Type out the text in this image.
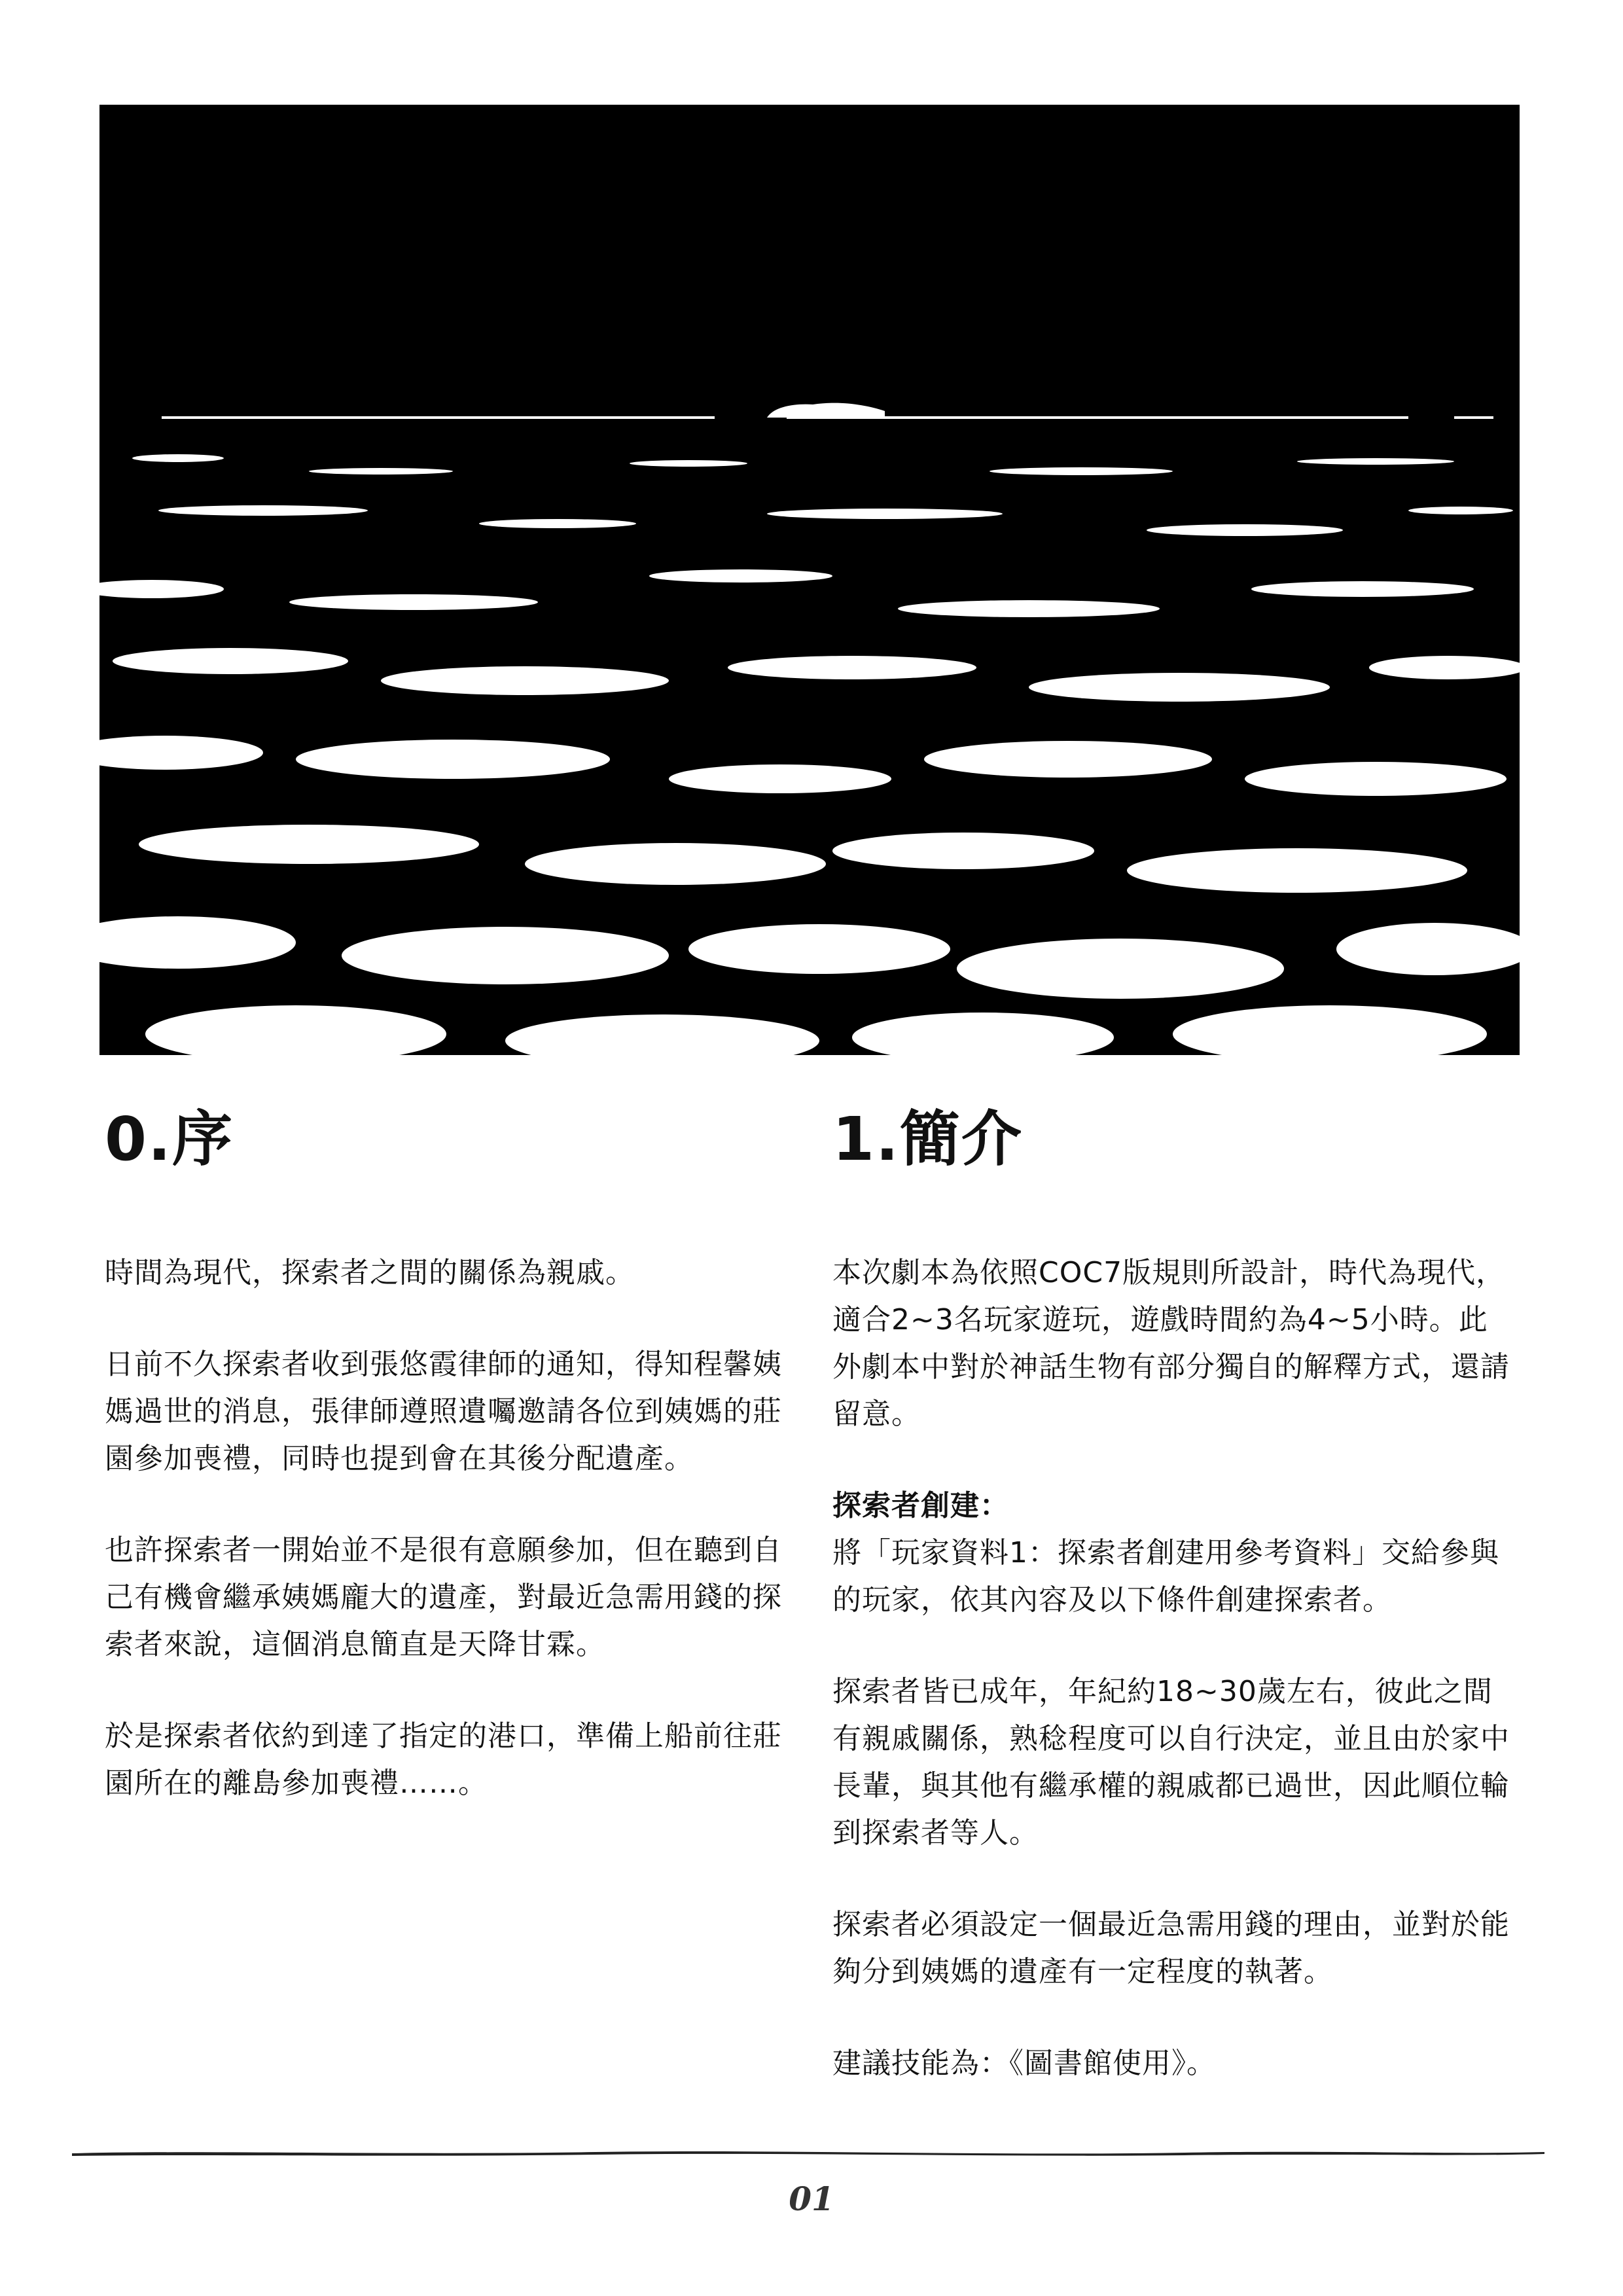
0.序

時間為現代，探索者之間的關係為親戚。

日前不久探索者收到張悠霞律師的通知，得知程馨姨媽過世的消息，張律師遵照遺囑邀請各位到姨媽的莊園參加喪禮，同時也提到會在其後分配遺產。

也許探索者一開始並不是很有意願參加，但在聽到自己有機會繼承姨媽龐大的遺產，對最近急需用錢的探索者來說，這個消息簡直是天降甘霖。

於是探索者依約到達了指定的港口，準備上船前往莊園所在的離島參加喪禮……。

1.簡介

本次劇本為依照COC7版規則所設計，時代為現代，適合2~3名玩家遊玩，遊戲時間約為4~5小時。此外劇本中對於神話生物有部分獨自的解釋方式，還請留意。

探索者創建：

將「玩家資料1：探索者創建用參考資料」交給參與的玩家，依其內容及以下條件創建探索者。

探索者皆已成年，年紀約18~30歲左右，彼此之間有親戚關係，熟稔程度可以自行決定，並且由於家中長輩，與其他有繼承權的親戚都已過世，因此順位輪到探索者等人。

探索者必須設定一個最近急需用錢的理由，並對於能夠分到姨媽的遺產有一定程度的執著。

建議技能為：《圖書館使用》。

01
